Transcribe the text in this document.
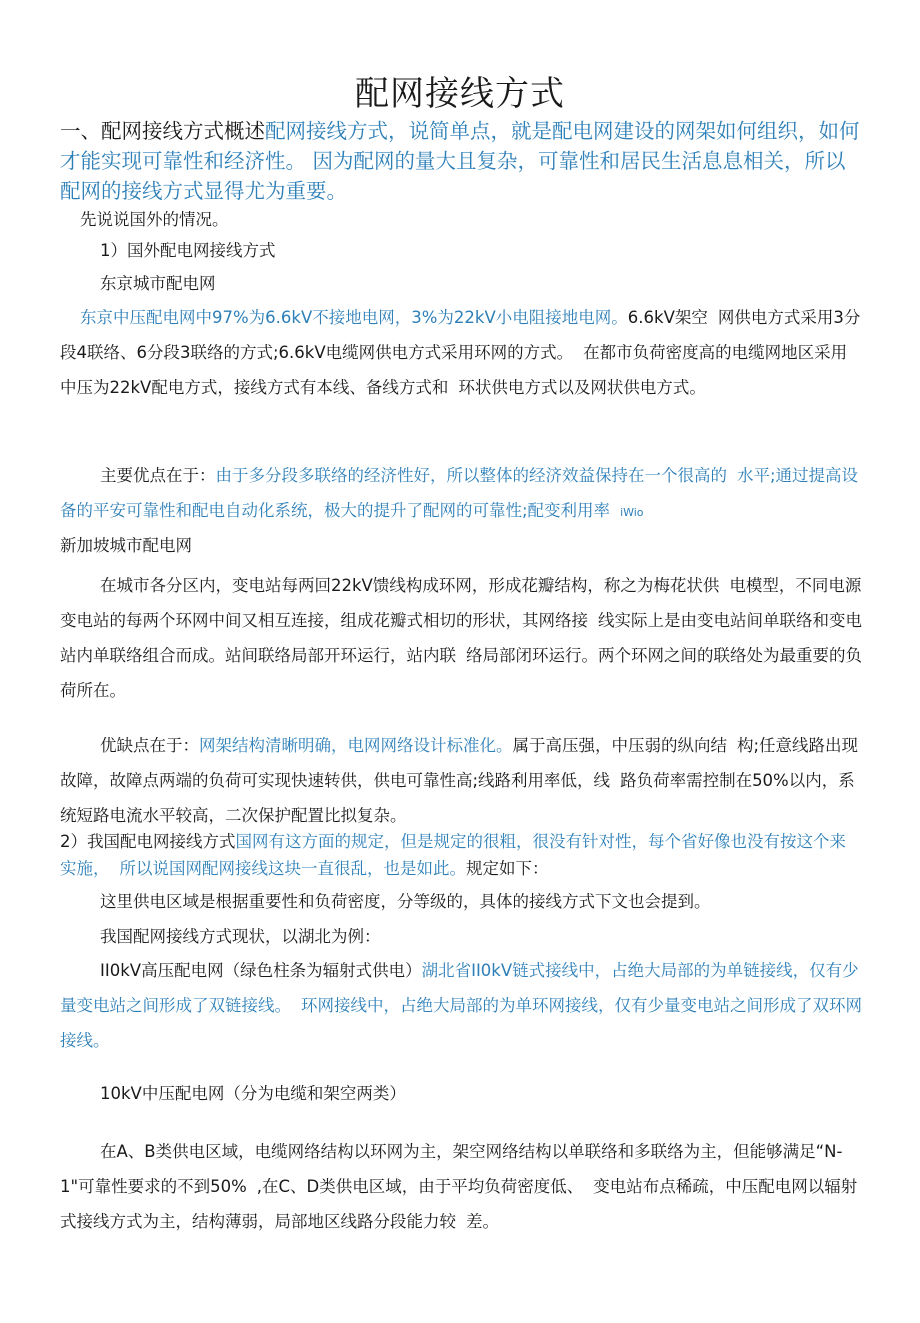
配网接线方式

一、配网接线方式概述配网接线方式，说简单点，就是配电网建设的网架如何组织，如何才能实现可靠性和经济性。 因为配网的量大且复杂，可靠性和居民生活息息相关，所以配网的接线方式显得尤为重要。

先说说国外的情况。

1）国外配电网接线方式

东京城市配电网

东京中压配电网中97%为6.6kV不接地电网，3%为22kV小电阻接地电网。6.6kV架空 网供电方式采用3分段4联络、6分段3联络的方式;6.6kV电缆网供电方式采用环网的方式。 在都市负荷密度高的电缆网地区采用中压为22kV配电方式，接线方式有本线、备线方式和 环状供电方式以及网状供电方式。

主要优点在于：由于多分段多联络的经济性好，所以整体的经济效益保持在一个很高的 水平;通过提高设备的平安可靠性和配电自动化系统，极大的提升了配网的可靠性;配变利用率 iWio

新加坡城市配电网

在城市各分区内，变电站每两回22kV馈线构成环网，形成花瓣结构，称之为梅花状供 电模型，不同电源变电站的每两个环网中间又相互连接，组成花瓣式相切的形状，其网络接 线实际上是由变电站间单联络和变电站内单联络组合而成。站间联络局部开环运行，站内联 络局部闭环运行。两个环网之间的联络处为最重要的负荷所在。

优缺点在于：网架结构清晰明确，电网网络设计标准化。属于高压强，中压弱的纵向结 构;任意线路出现故障，故障点两端的负荷可实现快速转供，供电可靠性高;线路利用率低，线 路负荷率需控制在50%以内，系统短路电流水平较高，二次保护配置比拟复杂。

2）我国配电网接线方式国网有这方面的规定，但是规定的很粗，很没有针对性，每个省好像也没有按这个来实施， 所以说国网配网接线这块一直很乱，也是如此。规定如下：

这里供电区域是根据重要性和负荷密度，分等级的，具体的接线方式下文也会提到。

我国配网接线方式现状，以湖北为例：

II0kV高压配电网（绿色柱条为辐射式供电）湖北省II0kV链式接线中，占绝大局部的为单链接线，仅有少量变电站之间形成了双链接线。 环网接线中，占绝大局部的为单环网接线，仅有少量变电站之间形成了双环网接线。

10kV中压配电网（分为电缆和架空两类）

在A、B类供电区域，电缆网络结构以环网为主，架空网络结构以单联络和多联络为主，但能够满足“N-1"可靠性要求的不到50% ,在C、D类供电区域，由于平均负荷密度低、 变电站布点稀疏，中压配电网以辐射式接线方式为主，结构薄弱，局部地区线路分段能力较 差。
